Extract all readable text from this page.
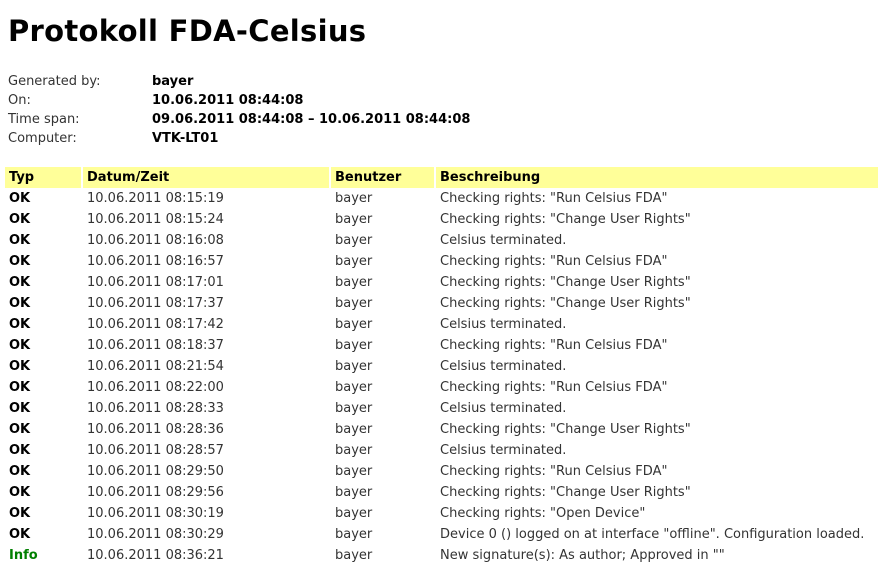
Protokoll FDA-Celsius
Generated by:	bayer
On:	10.06.2011 08:44:08
Time span:	09.06.2011 08:44:08 – 10.06.2011 08:44:08
Computer:	VTK-LT01
Typ	Datum/Zeit	Benutzer	Beschreibung
OK	10.06.2011 08:15:19	bayer	Checking rights: "Run Celsius FDA"
OK	10.06.2011 08:15:24	bayer	Checking rights: "Change User Rights"
OK	10.06.2011 08:16:08	bayer	Celsius terminated.
OK	10.06.2011 08:16:57	bayer	Checking rights: "Run Celsius FDA"
OK	10.06.2011 08:17:01	bayer	Checking rights: "Change User Rights"
OK	10.06.2011 08:17:37	bayer	Checking rights: "Change User Rights"
OK	10.06.2011 08:17:42	bayer	Celsius terminated.
OK	10.06.2011 08:18:37	bayer	Checking rights: "Run Celsius FDA"
OK	10.06.2011 08:21:54	bayer	Celsius terminated.
OK	10.06.2011 08:22:00	bayer	Checking rights: "Run Celsius FDA"
OK	10.06.2011 08:28:33	bayer	Celsius terminated.
OK	10.06.2011 08:28:36	bayer	Checking rights: "Change User Rights"
OK	10.06.2011 08:28:57	bayer	Celsius terminated.
OK	10.06.2011 08:29:50	bayer	Checking rights: "Run Celsius FDA"
OK	10.06.2011 08:29:56	bayer	Checking rights: "Change User Rights"
OK	10.06.2011 08:30:19	bayer	Checking rights: "Open Device"
OK	10.06.2011 08:30:29	bayer	Device 0 () logged on at interface "offline". Configuration loaded.
Info	10.06.2011 08:36:21	bayer	New signature(s): As author; Approved in ""
